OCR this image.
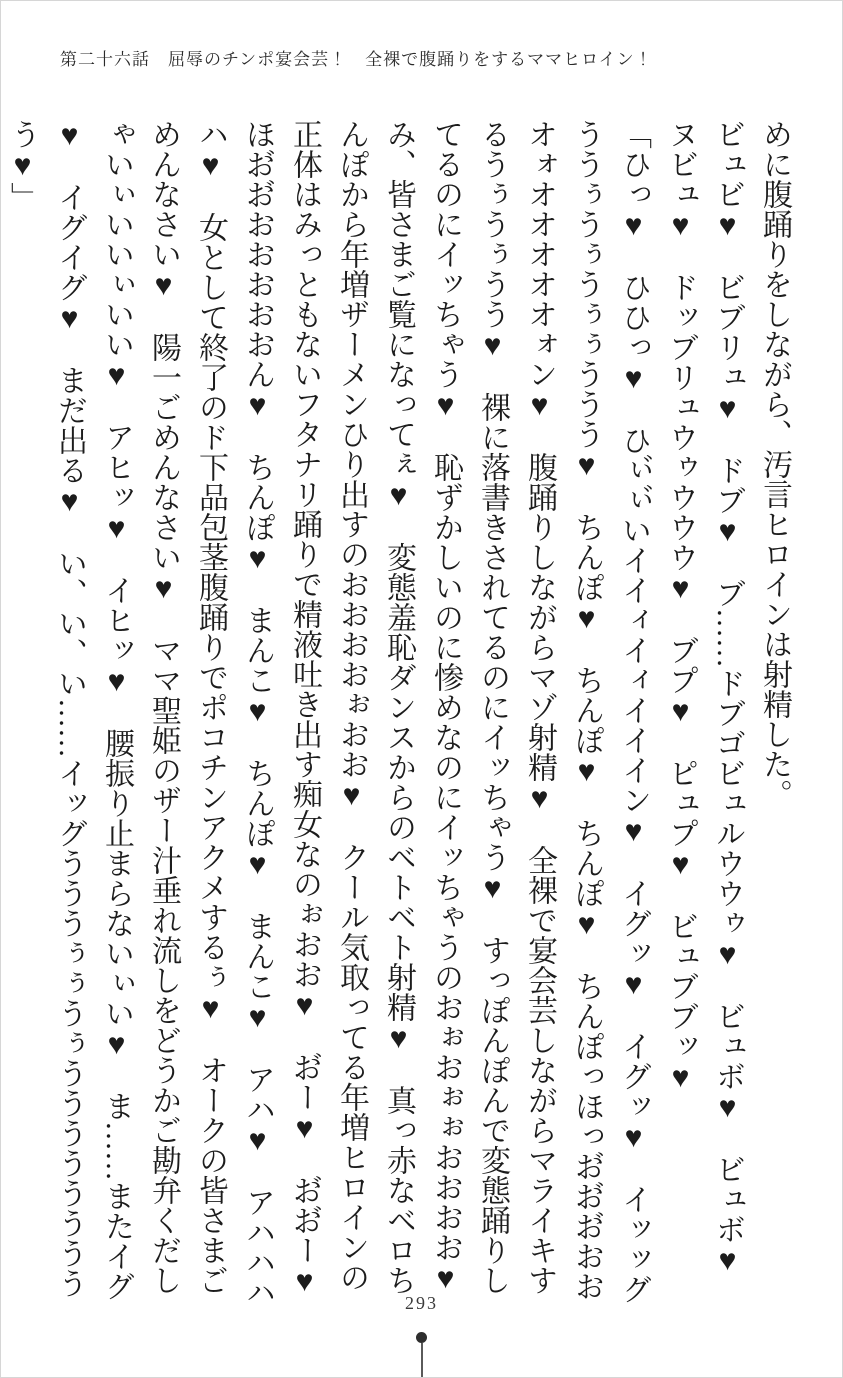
第二十六話　屈辱のチンポ宴会芸！　全裸で腹踊りをするママヒロイン！

めに腹踊りをしながら、汚言ヒロインは射精した。

ビュビ♥　ビブリュ♥　ドブ♥　ブ……ドブゴビュルウウゥ♥　ビュボ♥　ビュボ♥　ヌビュ♥　ドッブリュウゥウウウ♥　ブプ♥　ピュプ♥　ビュブブッ♥

「ひっ♥　ひひっ♥　ひぃ゙ぃ゙いイイィイィイイイン♥　イグッ♥　イグッ♥　イッッグううぅうぅうぅぅううう♥　ちんぽ♥　ちんぽ♥　ちんぽ♥　ちんぽっほっお゙お゙お゙おおオォオオオオオォン♥　腹踊りしながらマゾ射精♥　全裸で宴会芸しながらマライキするうぅうぅうう♥　裸に落書きされてるのにイッちゃう♥　すっぽんぽんで変態踊りしてるのにイッちゃう♥　恥ずかしいのに惨めなのにイッちゃうのおぉおぉぉおおおお♥　み、皆さまご覧になってぇ♥　変態羞恥ダンスからのベトベト射精♥　真っ赤なベロちんぽから年増ザーメンひり出すのおおおおぉおお♥　クール気取ってる年増ヒロインの正体はみっともないフタナリ踊りで精液吐き出す痴女なのぉおお♥　お゙ー♥　お゙お゙ー♥　ほお゙お゙おおおおおん♥　ちんぽ♥　まんこ♥　ちんぽ♥　まんこ♥　アハ♥　アハハハハ♥　女として終了のド下品包茎腹踊りでポコチンアクメするぅ♥　オークの皆さまごめんなさい♥　陽一ごめんなさい♥　ママ聖姫のザー汁垂れ流しをどうかご勘弁くだしゃいぃいいぃいい♥　アヒッ♥　イヒッ♥　腰振り止まらないぃい♥　ま……またイグ♥　イグイグ♥　まだ出る♥　い、い、い……イッグうううぅぅうぅううううううううう♥」

293
